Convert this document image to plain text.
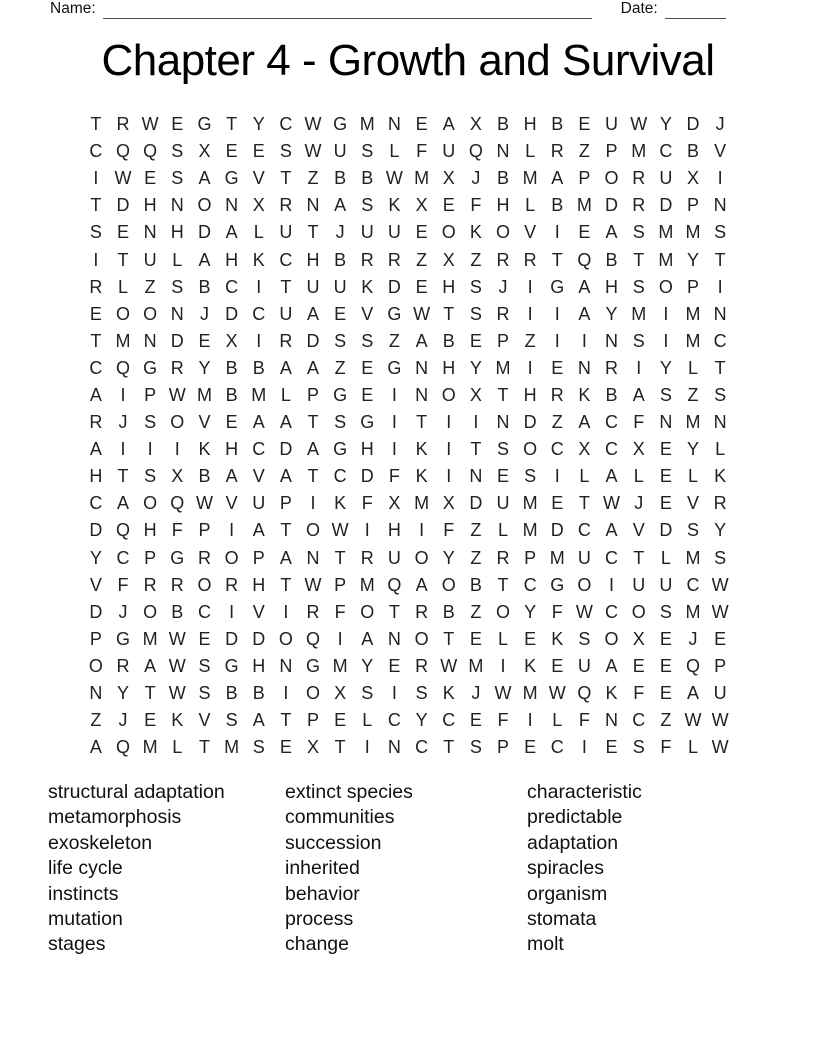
Name:	Date:
Chapter 4 - Growth and Survival
T R W E G T Y C W G M N E A X B H B E U W Y D J
C Q Q S X E E S W U S L F U Q N L R Z P M C B V
I W E S A G V T Z B B W M X J B M A P O R U X	I
T D H N O N X R N A S K X E F H L B M D R D P N
S E N H D A L U T J U U E O K O V	I	E A S M M S
I	T U L A H K C H B R R Z X Z R R T Q B T M Y T
R L Z S B C	I	T U U K D E H S J	I G A H S O P	I
E O O N J D C U A E V G W T S R	I	I	A Y M I M N
T M N D E X	I	R D S S Z A B E P Z	I	I	N S	I M C
C Q G R Y B B A A Z E G N H Y M I	E N R	I	Y L T
A	I	P W M B M L P G E	I	N O X T H R K B A S Z S
R J S O V E A A T S G I	T	I	I	N D Z A C F N M N
A	I	I	I	K H C D A G H	I	K	I	T S O C X C X E Y L
H T S X B A V A T C D F K	I	N E S	I	L A L E L K
C A O Q W V U P	I	K F X M X D U M E T W J E V R
D Q H F P	I	A T O W I	H	I	F Z L M D C A V D S Y
Y C P G R O P A N T R U O Y Z R P M U C T L M S
V F R R O R H T W P M Q A O B T C G O I	U U C W
D J O B C	I	V	I	R F O T R B Z O Y F W C O S M W
P G M W E D D O Q I	A N O T E L E K S O X E J E
O R A W S G H N G M Y E R W M I	K E U A E E Q P
N Y T W S B B	I O X S	I	S K J W M W Q K F E A U
Z J E K V S A T P E L C Y C E F	I	L F N C Z W W
A Q M L T M S E X T	I	N C T S P E C	I	E S F L W
structural adaptation
metamorphosis
exoskeleton
life cycle
instincts
mutation
stages
extinct species
communities
succession
inherited
behavior
process
change
characteristic
predictable
adaptation
spiracles
organism
stomata
molt
